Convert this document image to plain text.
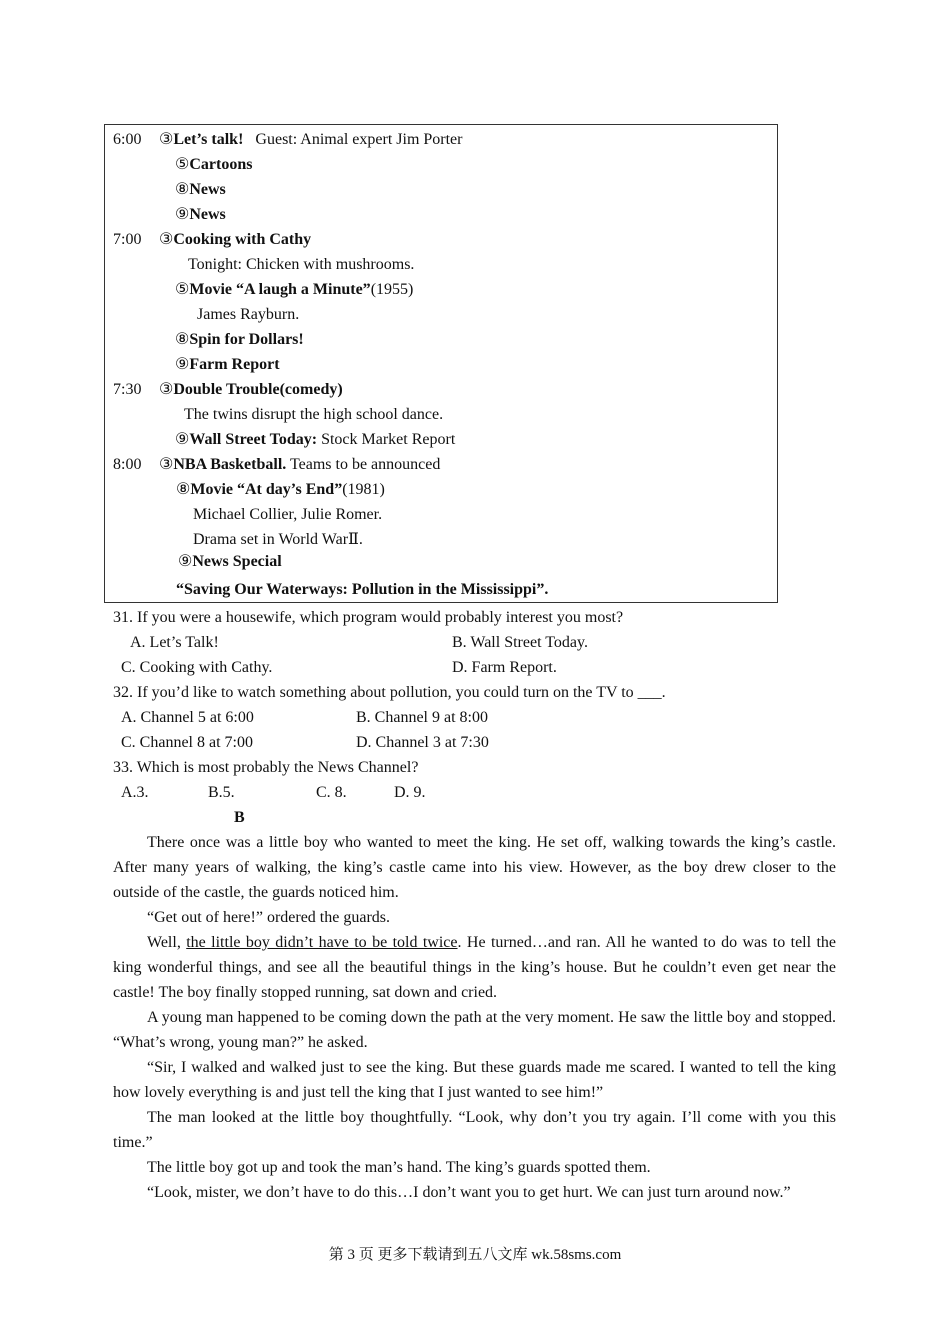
6:00 ③Let’s talk! Guest: Animal expert Jim Porter
⑤Cartoons
⑧News
⑨News
7:00 ③Cooking with Cathy
Tonight: Chicken with mushrooms.
⑤Movie “A laugh a Minute”(1955)
James Rayburn.
⑧Spin for Dollars!
⑨Farm Report
7:30 ③Double Trouble(comedy)
The twins disrupt the high school dance.
⑨Wall Street Today: Stock Market Report
8:00 ③NBA Basketball. Teams to be announced
⑧Movie “At day’s End”(1981)
Michael Collier, Julie Romer.
Drama set in World WarⅡ.
⑨News Special
“Saving Our Waterways: Pollution in the Mississippi”.
31. If you were a housewife, which program would probably interest you most?
A. Let’s Talk!	B. Wall Street Today.
C. Cooking with Cathy.	D. Farm Report.
32. If you’d like to watch something about pollution, you could turn on the TV to ___.
A. Channel 5 at 6:00	B. Channel 9 at 8:00
C. Channel 8 at 7:00	D. Channel 3 at 7:30
33. Which is most probably the News Channel?
A.3.	B.5.	C. 8.	D. 9.
B
There once was a little boy who wanted to meet the king. He set off, walking towards the king’s castle. After many years of walking, the king’s castle came into his view. However, as the boy drew closer to the outside of the castle, the guards noticed him.
“Get out of here!” ordered the guards.
Well, the little boy didn’t have to be told twice. He turned…and ran. All he wanted to do was to tell the king wonderful things, and see all the beautiful things in the king’s house. But he couldn’t even get near the castle! The boy finally stopped running, sat down and cried.
A young man happened to be coming down the path at the very moment. He saw the little boy and stopped. “What’s wrong, young man?” he asked.
“Sir, I walked and walked just to see the king. But these guards made me scared. I wanted to tell the king how lovely everything is and just tell the king that I just wanted to see him!”
The man looked at the little boy thoughtfully. “Look, why don’t you try again. I’ll come with you this time.”
The little boy got up and took the man’s hand. The king’s guards spotted them.
“Look, mister, we don’t have to do this…I don’t want you to get hurt. We can just turn around now.”
第 3 页 更多下载请到五八文库 wk.58sms.com
